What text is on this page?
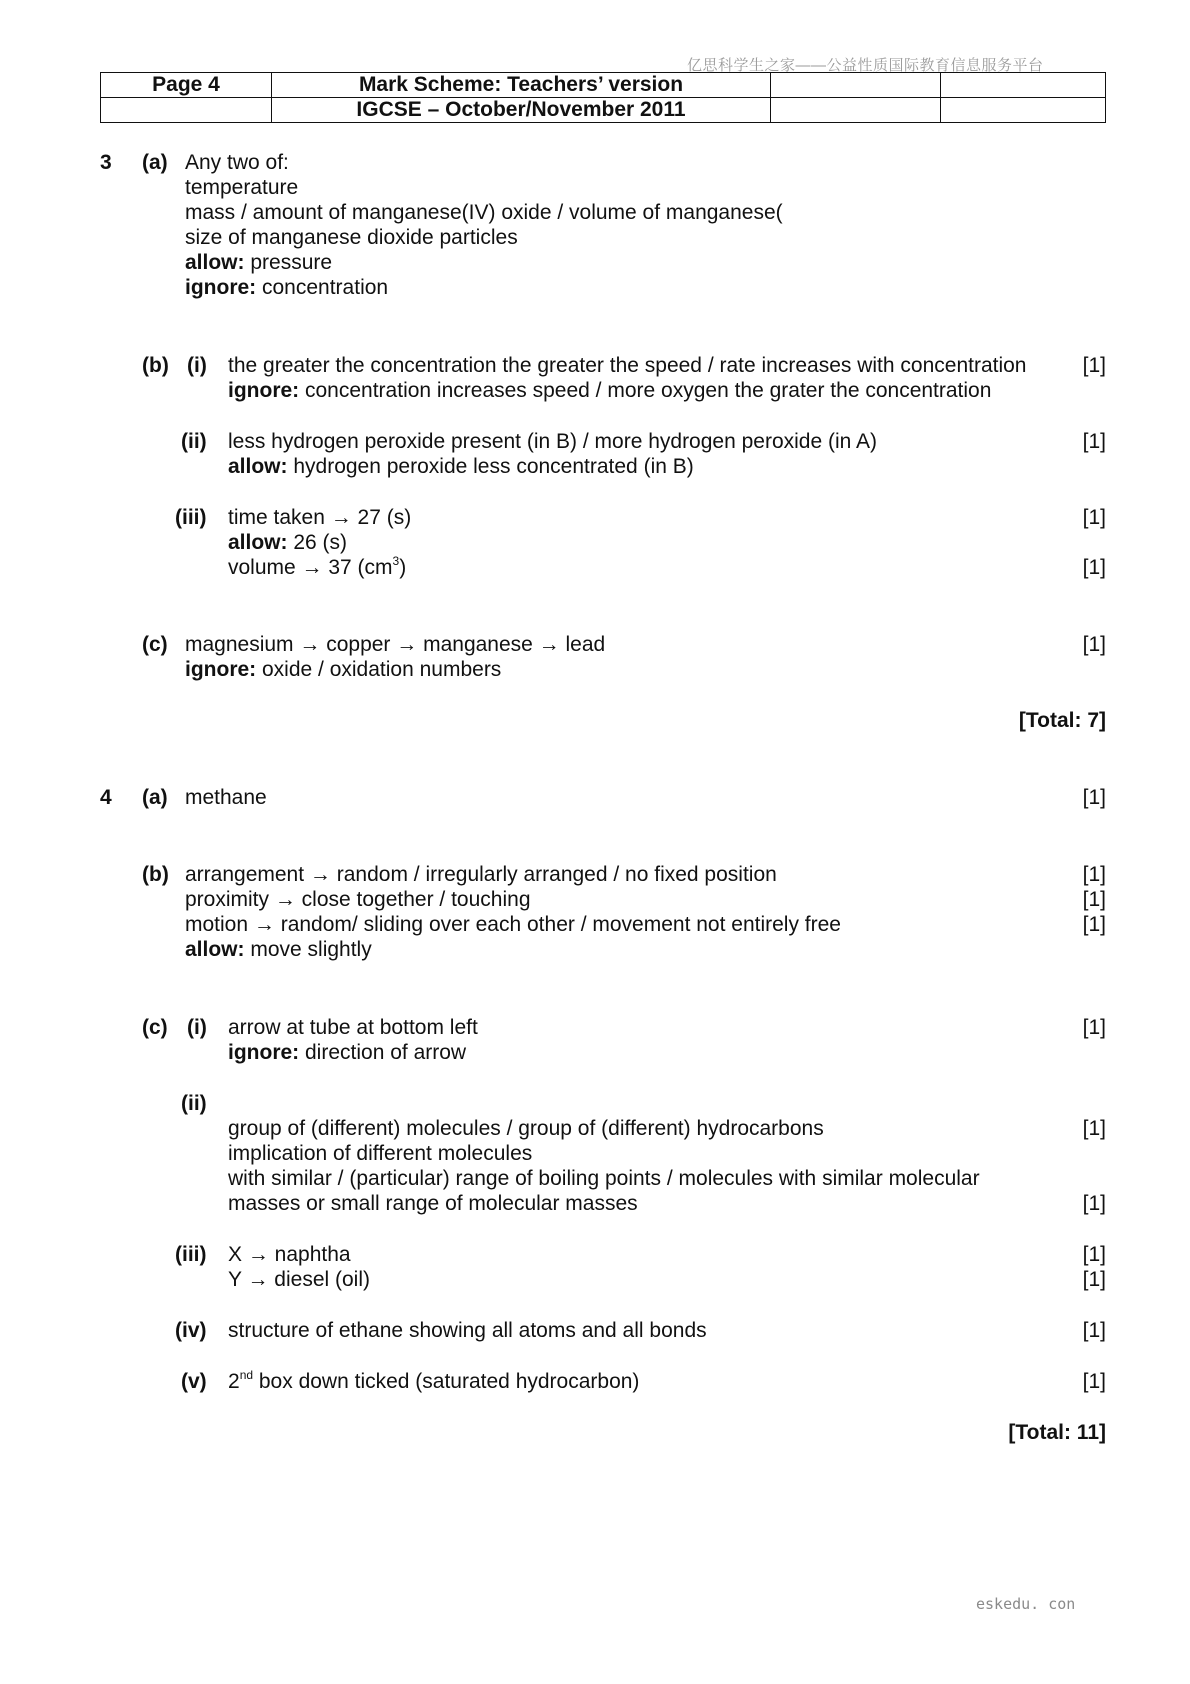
亿思科学生之家——公益性质国际教育信息服务平台
Page 4	Mark Scheme: Teachers’ version		
	IGCSE – October/November 2011		
3 (a) Any two of:
temperature
mass / amount of manganese(IV) oxide / volume of manganese(
size of manganese dioxide particles
allow: pressure
ignore: concentration
(b) (i) the greater the concentration the greater the speed / rate increases with concentration	[1]
ignore: concentration increases speed / more oxygen the grater the concentration
(ii) less hydrogen peroxide present (in B) / more hydrogen peroxide (in A)	[1]
allow: hydrogen peroxide less concentrated (in B)
(iii) time taken → 27 (s)	[1]
allow: 26 (s)
volume → 37 $(cm^3)$	[1]
(c) magnesium → copper → manganese → lead	[1]
ignore: oxide / oxidation numbers
[Total: 7]
4 (a) methane	[1]
(b) arrangement → random / irregularly arranged / no fixed position	[1]
proximity → close together / touching	[1]
motion → random/ sliding over each other / movement not entirely free	[1]
allow: move slightly
(c) (i) arrow at tube at bottom left	[1]
ignore: direction of arrow
(ii)
group of (different) molecules / group of (different) hydrocarbons	[1]
implication of different molecules
with similar / (particular) range of boiling points / molecules with similar molecular
masses or small range of molecular masses	[1]
(iii) X → naphtha	[1]
Y → diesel (oil)	[1]
(iv) structure of ethane showing all atoms and all bonds	[1]
(v) 2nd box down ticked (saturated hydrocarbon)	[1]
[Total: 11]
eskedu. con
